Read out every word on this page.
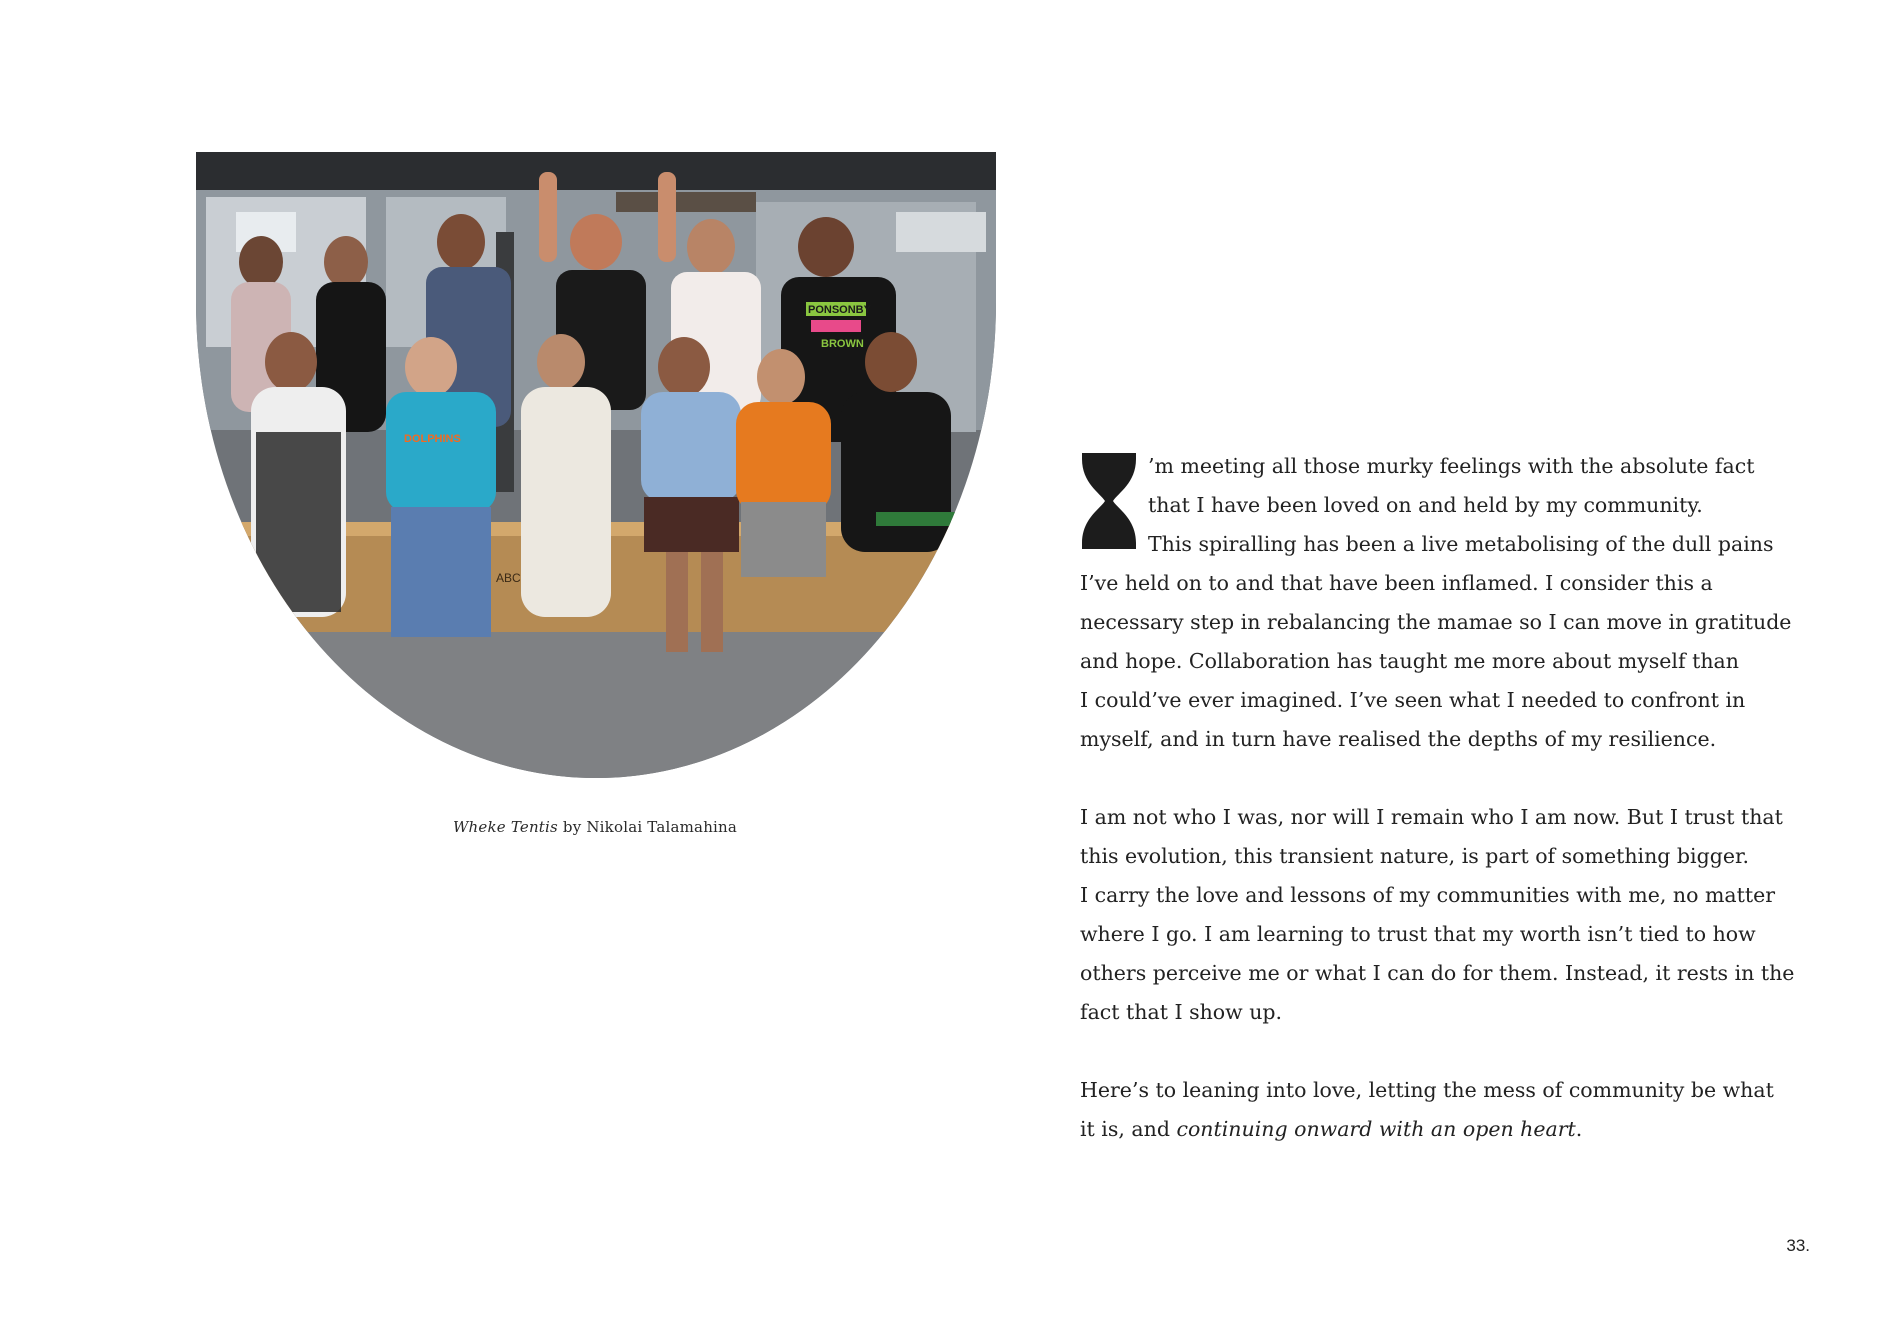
PONSONBY
BROWN
DOLPHINS
ABC
Wheke Tentis by Nikolai Talamahina
’m meeting all those murky feelings with the absolute fact
that I have been loved on and held by my community.
This spiralling has been a live metabolising of the dull pains
I’ve held on to and that have been inflamed. I consider this a
necessary step in rebalancing the mamae so I can move in gratitude
and hope. Collaboration has taught me more about myself than
I could’ve ever imagined. I’ve seen what I needed to confront in
myself, and in turn have realised the depths of my resilience.
I am not who I was, nor will I remain who I am now. But I trust that
this evolution, this transient nature, is part of something bigger.
I carry the love and lessons of my communities with me, no matter
where I go. I am learning to trust that my worth isn’t tied to how
others perceive me or what I can do for them. Instead, it rests in the
fact that I show up.
Here’s to leaning into love, letting the mess of community be what
it is, and continuing onward with an open heart.
33.
